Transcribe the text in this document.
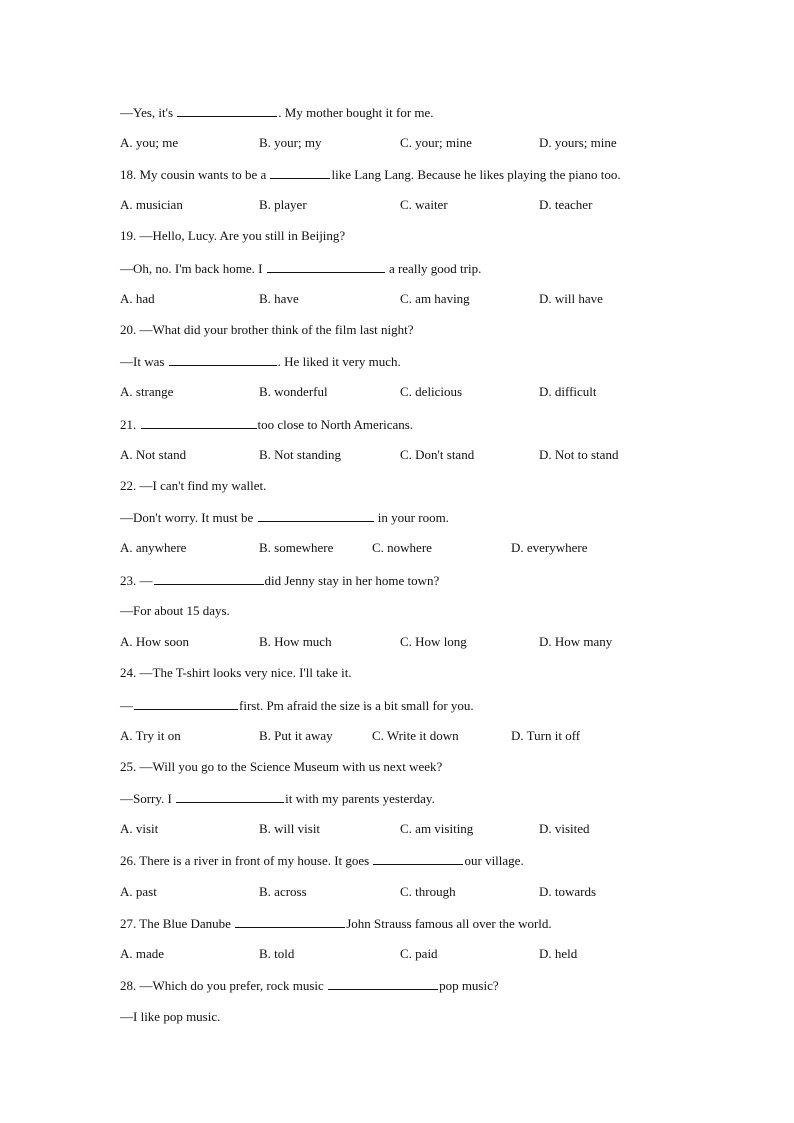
—Yes, it's	. My mother bought it for me.
A. you; me	B. your; my	C. your; mine	D. yours; mine
18. My cousin wants to be a	like Lang Lang. Because he likes playing the piano too.
A. musician	B. player	C. waiter	D. teacher
19. —Hello, Lucy. Are you still in Beijing?
—Oh, no. I'm back home. I	a really good trip.
A. had	B. have	C. am having	D. will have
20. —What did your brother think of the film last night?
—It was	. He liked it very much.
A. strange	B. wonderful	C. delicious	D. difficult
21.	too close to North Americans.
A. Not stand	B. Not standing	C. Don't stand	D. Not to stand
22. —I can't find my wallet.
—Don't worry. It must be	in your room.
A. anywhere	B. somewhere	C. nowhere	D. everywhere
23. —	did Jenny stay in her home town?
—For about 15 days.
A. How soon	B. How much	C. How long	D. How many
24. —The T-shirt looks very nice. I'll take it.
—	first. Pm afraid the size is a bit small for you.
A. Try it on	B. Put it away	C. Write it down	D. Turn it off
25. —Will you go to the Science Museum with us next week?
—Sorry. I	it with my parents yesterday.
A. visit	B. will visit	C. am visiting	D. visited
26. There is a river in front of my house. It goes	our village.
A. past	B. across	C. through	D. towards
27. The Blue Danube	John Strauss famous all over the world.
A. made	B. told	C. paid	D. held
28. —Which do you prefer, rock music	pop music?
—I like pop music.
